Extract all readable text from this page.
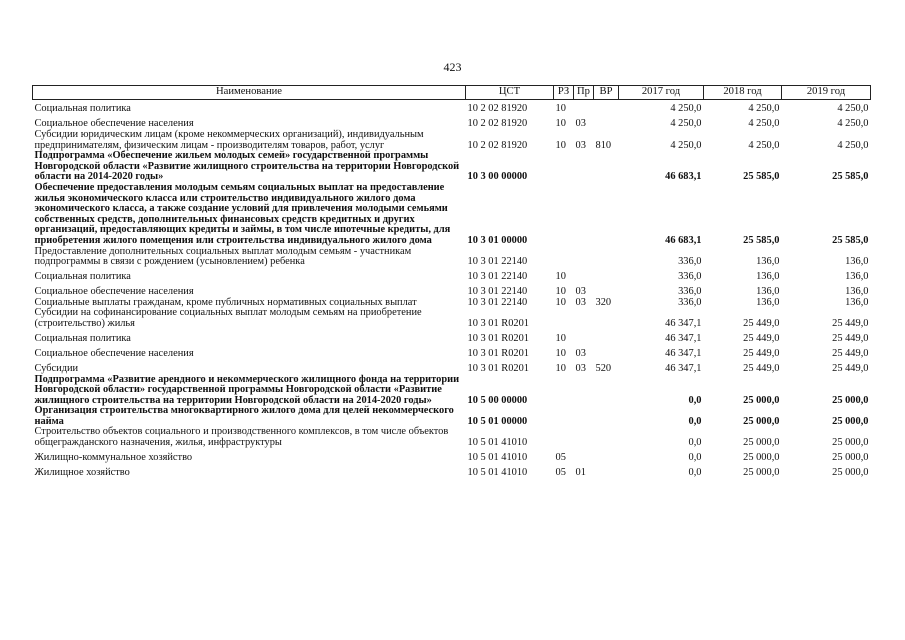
423
Наименование	ЦСТ	РЗ	Пр	ВР	2017 год	2018 год	2019 год
Социальная политика	10 2 02 81920	10			4 250,0	4 250,0	4 250,0
Социальное обеспечение населения	10 2 02 81920	10	03		4 250,0	4 250,0	4 250,0
Субсидии юридическим лицам (кроме некоммерческих организаций), индивидуальным предпринимателям, физическим лицам - производителям товаров, работ, услуг	10 2 02 81920	10	03	810	4 250,0	4 250,0	4 250,0
Подпрограмма «Обеспечение жильем молодых семей» государственной программы Новгородской области «Развитие жилищного строительства на территории Новгородской области на 2014-2020 годы»	10 3 00 00000				46 683,1	25 585,0	25 585,0
Обеспечение предоставления молодым семьям социальных выплат на предоставление жилья экономического класса или строительство индивидуального жилого дома экономического класса, а также создание условий для привлечения молодыми семьями собственных средств, дополнительных финансовых средств кредитных и других организаций, предоставляющих кредиты и займы, в том числе ипотечные кредиты, для приобретения жилого помещения или строительства индивидуального жилого дома	10 3 01 00000				46 683,1	25 585,0	25 585,0
Предоставление дополнительных социальных выплат молодым семьям - участникам подпрограммы в связи с рождением (усыновлением) ребенка	10 3 01 22140				336,0	136,0	136,0
Социальная политика	10 3 01 22140	10			336,0	136,0	136,0
Социальное обеспечение населения	10 3 01 22140	10	03		336,0	136,0	136,0
Социальные выплаты гражданам, кроме публичных нормативных социальных выплат	10 3 01 22140	10	03	320	336,0	136,0	136,0
Субсидии на софинансирование социальных выплат молодым семьям на приобретение (строительство) жилья	10 3 01 R0201				46 347,1	25 449,0	25 449,0
Социальная политика	10 3 01 R0201	10			46 347,1	25 449,0	25 449,0
Социальное обеспечение населения	10 3 01 R0201	10	03		46 347,1	25 449,0	25 449,0
Субсидии	10 3 01 R0201	10	03	520	46 347,1	25 449,0	25 449,0
Подпрограмма «Развитие арендного и некоммерческого жилищного фонда на территории Новгородской области» государственной программы Новгородской области «Развитие жилищного строительства на территории Новгородской области на 2014-2020 годы»	10 5 00 00000				0,0	25 000,0	25 000,0
Организация строительства многоквартирного жилого дома для целей некоммерческого найма	10 5 01 00000				0,0	25 000,0	25 000,0
Строительство объектов социального и производственного комплексов, в том числе объектов общегражданского назначения, жилья, инфраструктуры	10 5 01 41010				0,0	25 000,0	25 000,0
Жилищно-коммунальное хозяйство	10 5 01 41010	05			0,0	25 000,0	25 000,0
Жилищное хозяйство	10 5 01 41010	05	01		0,0	25 000,0	25 000,0
